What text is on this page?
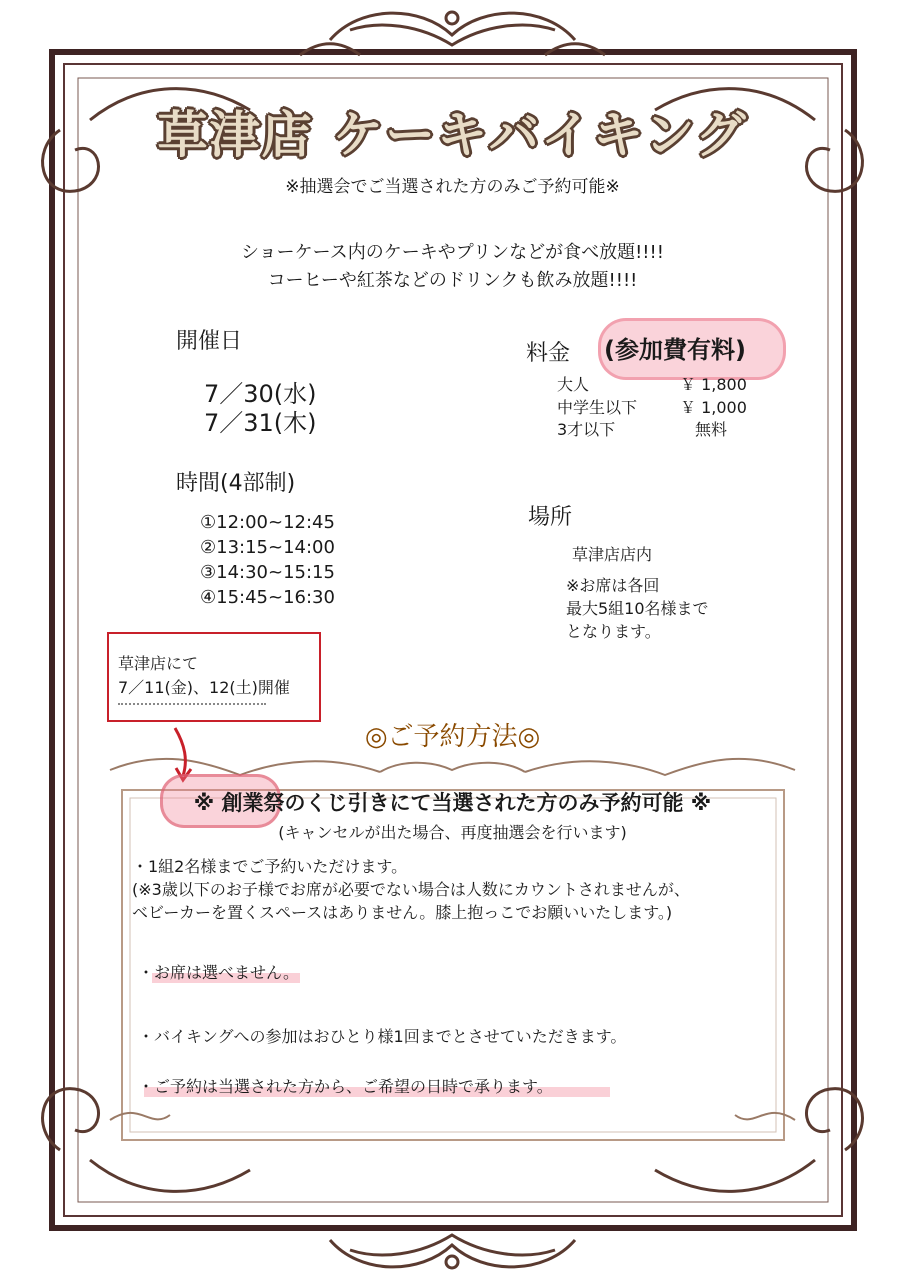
草津店 ケーキバイキング
※抽選会でご当選された方のみご予約可能※
ショーケース内のケーキやプリンなどが食べ放題!!!!
コーヒーや紅茶などのドリンクも飲み放題!!!!
開催日
7／30(水)
7／31(木)
料金 (参加費有料)
大人	￥ 1,800
中学生以下	￥ 1,000
3才以下	無料
時間(4部制)
①12:00~12:45
②13:15~14:00
③14:30~15:15
④15:45~16:30
場所
草津店店内
※お席は各回
最大5組10名様まで
となります。
草津店にて
7／11(金)、12(土)開催
◎ご予約方法◎
※ 創業祭のくじ引きにて当選された方のみ予約可能 ※
(キャンセルが出た場合、再度抽選会を行います)
・1組2名様までご予約いただけます。
(※3歳以下のお子様でお席が必要でない場合は人数にカウントされませんが、
ベビーカーを置くスペースはありません。膝上抱っこでお願いいたします。)
・お席は選べません。
・バイキングへの参加はおひとり様1回までとさせていただきます。
・ご予約は当選された方から、ご希望の日時で承ります。
